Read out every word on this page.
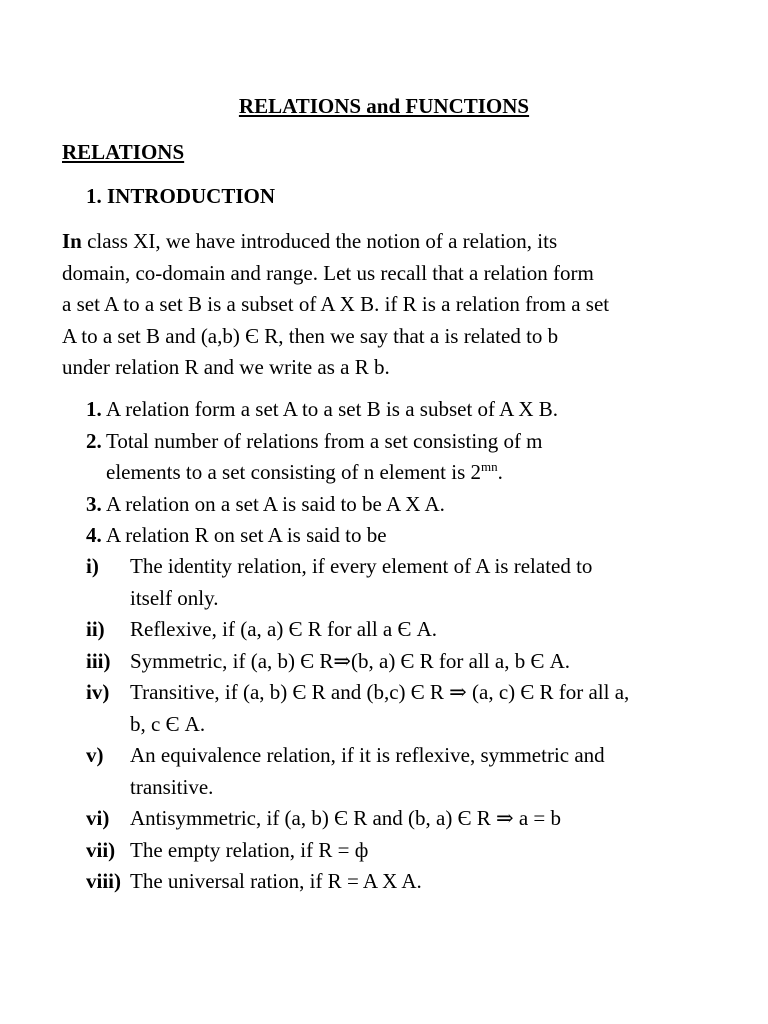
RELATIONS and FUNCTIONS
RELATIONS
1. INTRODUCTION
In class XI, we have introduced the notion of a relation, its
domain, co-domain and range. Let us recall that a relation form
a set A to a set B is a subset of A X B. if R is a relation from a set
A to a set B and (a,b) Є R, then we say that a is related to b
under relation R and we write as a R b.
1. A relation form a set A to a set B is a subset of A X B.
2. Total number of relations from a set consisting of m
elements to a set consisting of n element is $2^{mn}$.
3. A relation on a set A is said to be A X A.
4. A relation R on set A is said to be
i)	The identity relation, if every element of A is related to
itself only.
ii)	Reflexive, if (a, a) Є R for all a Є A.
iii) Symmetric, if (a, b) Є R⇒(b, a) Є R for all a, b Є A.
iv) Transitive, if (a, b) Є R and (b,c) Є R ⇒ (a, c) Є R for all a,
b, c Є A.
v)	An equivalence relation, if it is reflexive, symmetric and
transitive.
vi) Antisymmetric, if (a, b) Є R and (b, a) Є R ⇒ a = b
vii) The empty relation, if R = ф
viii) The universal ration, if R = A X A.
